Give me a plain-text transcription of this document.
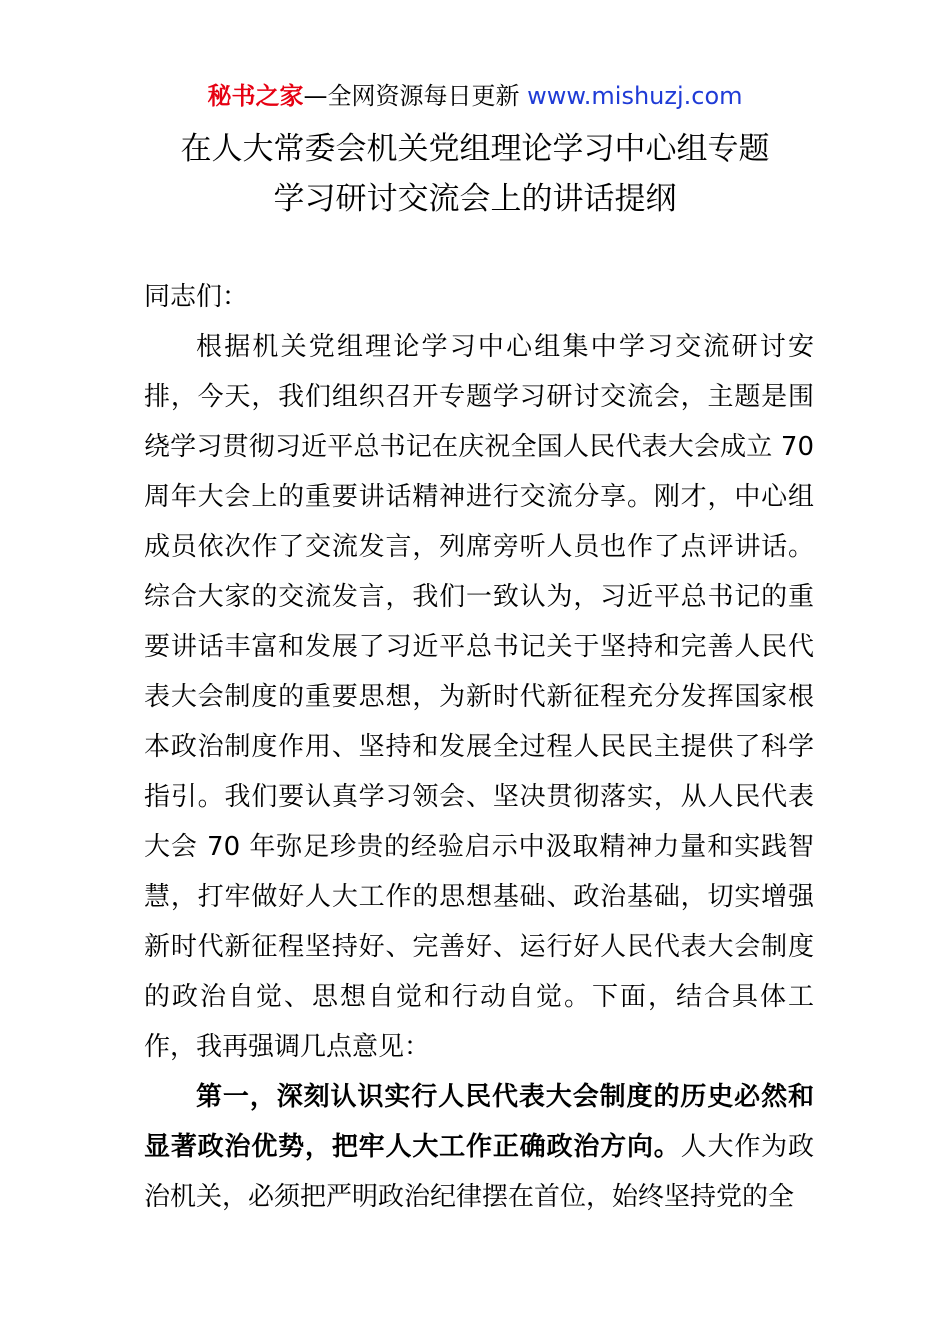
秘书之家—全网资源每日更新 www.mishuzj.com
在人大常委会机关党组理论学习中心组专题
学习研讨交流会上的讲话提纲

同志们：

根据机关党组理论学习中心组集中学习交流研讨安排，今天，我们组织召开专题学习研讨交流会，主题是围绕学习贯彻习近平总书记在庆祝全国人民代表大会成立 70 周年大会上的重要讲话精神进行交流分享。刚才，中心组成员依次作了交流发言，列席旁听人员也作了点评讲话。综合大家的交流发言，我们一致认为，习近平总书记的重要讲话丰富和发展了习近平总书记关于坚持和完善人民代表大会制度的重要思想，为新时代新征程充分发挥国家根本政治制度作用、坚持和发展全过程人民民主提供了科学指引。我们要认真学习领会、坚决贯彻落实，从人民代表大会 70 年弥足珍贵的经验启示中汲取精神力量和实践智慧，打牢做好人大工作的思想基础、政治基础，切实增强新时代新征程坚持好、完善好、运行好人民代表大会制度的政治自觉、思想自觉和行动自觉。下面，结合具体工作，我再强调几点意见：

第一，深刻认识实行人民代表大会制度的历史必然和显著政治优势，把牢人大工作正确政治方向。人大作为政治机关，必须把严明政治纪律摆在首位，始终坚持党的全
